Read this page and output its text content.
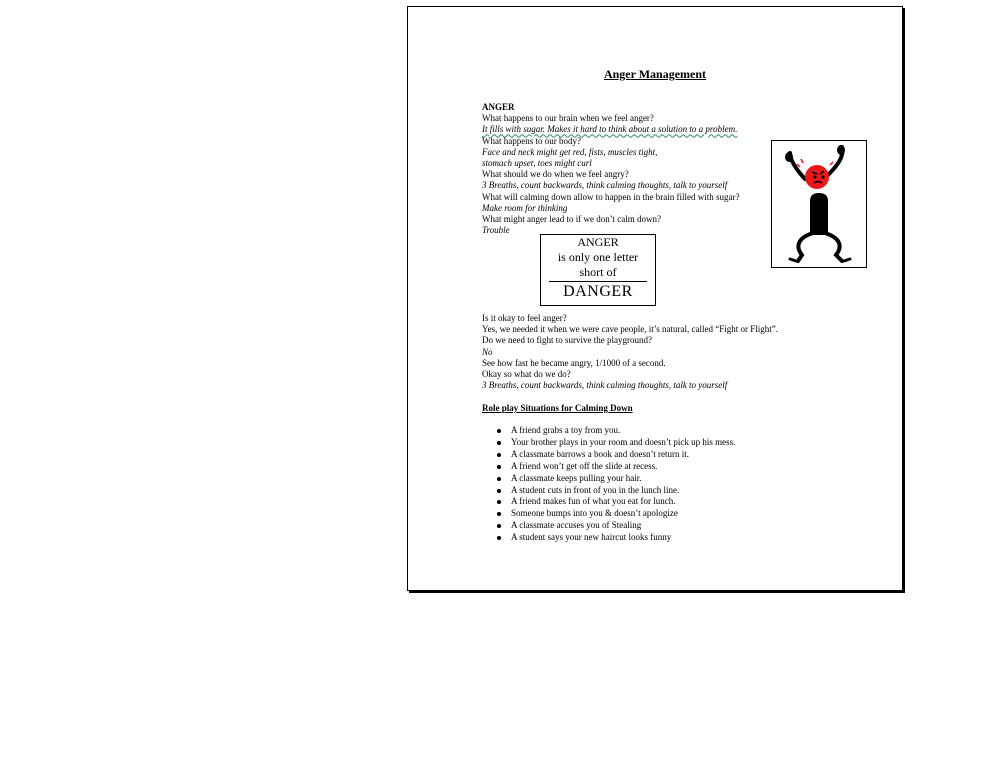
Anger Management
ANGER
What happens to our brain when we feel anger?
It fills with sugar. Makes it hard to think about a solution to a problem.
What happens to our body?
Face and neck might get red, fists, muscles tight,
stomach upset, toes might curl
What should we do when we feel angry?
3 Breaths, count backwards, think calming thoughts, talk to yourself
What will calming down allow to happen in the brain filled with sugar?
Make room for thinking
What might anger lead to if we don’t calm down?
Trouble
ANGER
is only one letter
short of
DANGER
Is it okay to feel anger?
Yes, we needed it when we were cave people, it’s natural, called “Fight or Flight”.
Do we need to fight to survive the playground?
No
See how fast he became angry, 1/1000 of a second.
Okay so what do we do?
3 Breaths, count backwards, think calming thoughts, talk to yourself
Role play Situations for Calming Down
A friend grabs a toy from you.
Your brother plays in your room and doesn’t pick up his mess.
A classmate barrows a book and doesn’t return it.
A friend won’t get off the slide at recess.
A classmate keeps pulling your hair.
A student cuts in front of you in the lunch line.
A friend makes fun of what you eat for lunch.
Someone bumps into you & doesn’t apologize
A classmate accuses you of Stealing
A student says your new haircut looks funny
